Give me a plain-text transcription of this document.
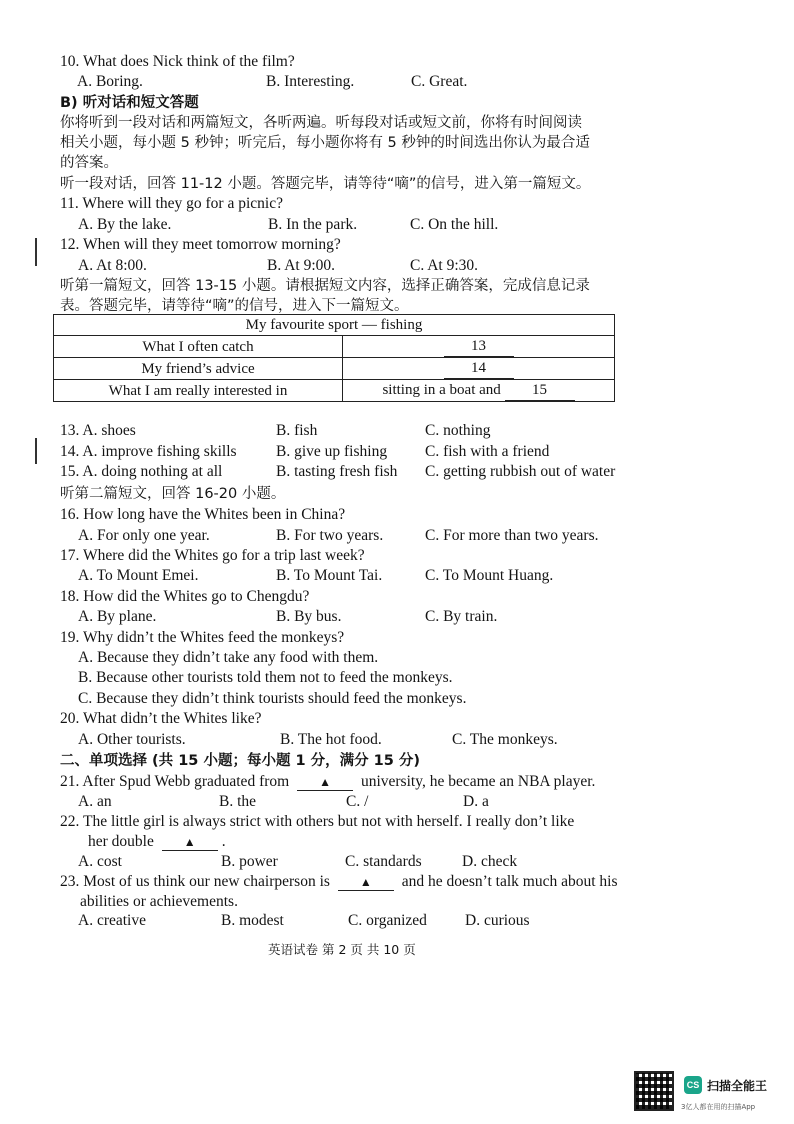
10. What does Nick think of the film?
A. Boring.	B. Interesting.	C. Great.
B) 听对话和短文答题
你将听到一段对话和两篇短文，各听两遍。听每段对话或短文前，你将有时间阅读
相关小题，每小题 5 秒钟；听完后，每小题你将有 5 秒钟的时间选出你认为最合适
的答案。
听一段对话，回答 11-12 小题。答题完毕，请等待“嘀”的信号，进入第一篇短文。
11. Where will they go for a picnic?
A. By the lake.	B. In the park.	C. On the hill.
12. When will they meet tomorrow morning?
A. At 8:00.	B. At 9:00.	C. At 9:30.
听第一篇短文，回答 13-15 小题。请根据短文内容，选择正确答案，完成信息记录
表。答题完毕，请等待“嘀”的信号，进入下一篇短文。
My favourite sport — fishing	
What I often catch	13
My friend’s advice	14
What I am really interested in	sitting in a boat and 15
13. A. shoes	B. fish	C. nothing
14. A. improve fishing skills	B. give up fishing C. fish with a friend
15. A. doing nothing at all	B. tasting fresh fish C. getting rubbish out of water
听第二篇短文，回答 16-20 小题。
16. How long have the Whites been in China?
A. For only one year.	B. For two years.	C. For more than two years.
17. Where did the Whites go for a trip last week?
A. To Mount Emei.	B. To Mount Tai.	C. To Mount Huang.
18. How did the Whites go to Chengdu?
A. By plane.	B. By bus.	C. By train.
19. Why didn’t the Whites feed the monkeys?
A. Because they didn’t take any food with them.
B. Because other tourists told them not to feed the monkeys.
C. Because they didn’t think tourists should feed the monkeys.
20. What didn’t the Whites like?
A. Other tourists.	B. The hot food.	C. The monkeys.
二、单项选择 (共 15 小题；每小题 1 分，满分 15 分)
21. After Spud Webb graduated from ▲ university, he became an NBA player.
A. an	B. the	C. /	D. a
22. The little girl is always strict with others but not with herself. I really don’t like
her double ▲ .
A. cost	B. power	C. standards	D. check
23. Most of us think our new chairperson is ▲ and he doesn’t talk much about his
abilities or achievements.
A. creative	B. modest	C. organized D. curious
英语试卷 第 2 页 共 10 页
CS 扫描全能王
3亿人都在用的扫描App
